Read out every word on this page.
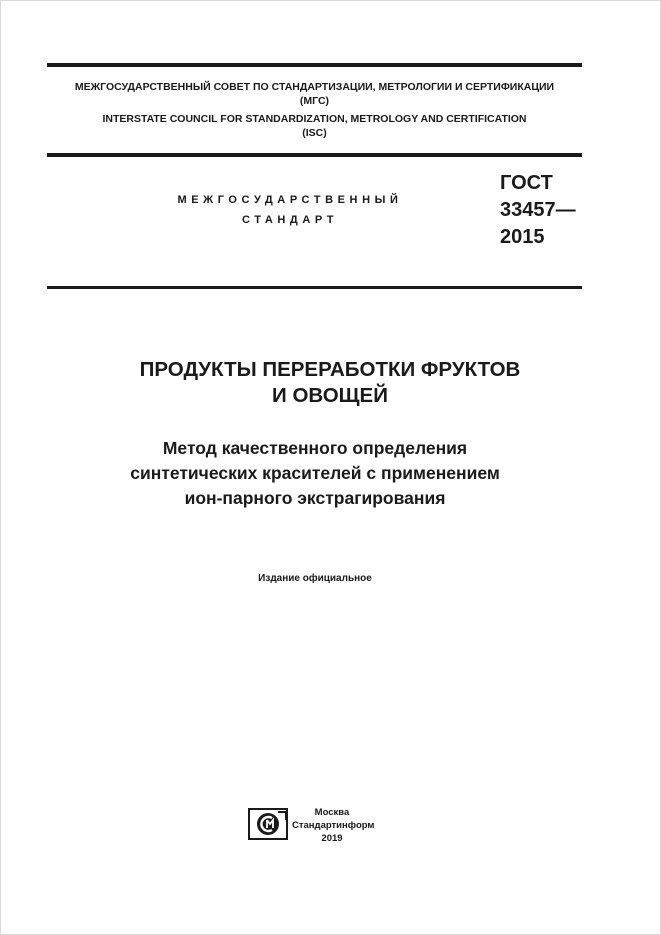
МЕЖГОСУДАРСТВЕННЫЙ СОВЕТ ПО СТАНДАРТИЗАЦИИ, МЕТРОЛОГИИ И СЕРТИФИКАЦИИ

(МГС)

INTERSTATE COUNCIL FOR STANDARDIZATION, METROLOGY AND CERTIFICATION

(ISC)

МЕЖГОСУДАРСТВЕННЫЙ
СТАНДАРТ
ГОСТ
33457—
2015
ПРОДУКТЫ ПЕРЕРАБОТКИ ФРУКТОВ
И ОВОЩЕЙ
Метод качественного определения
синтетических красителей с применением
ион-парного экстрагирования
Издание официальное
Москва
Стандартинформ
2019
